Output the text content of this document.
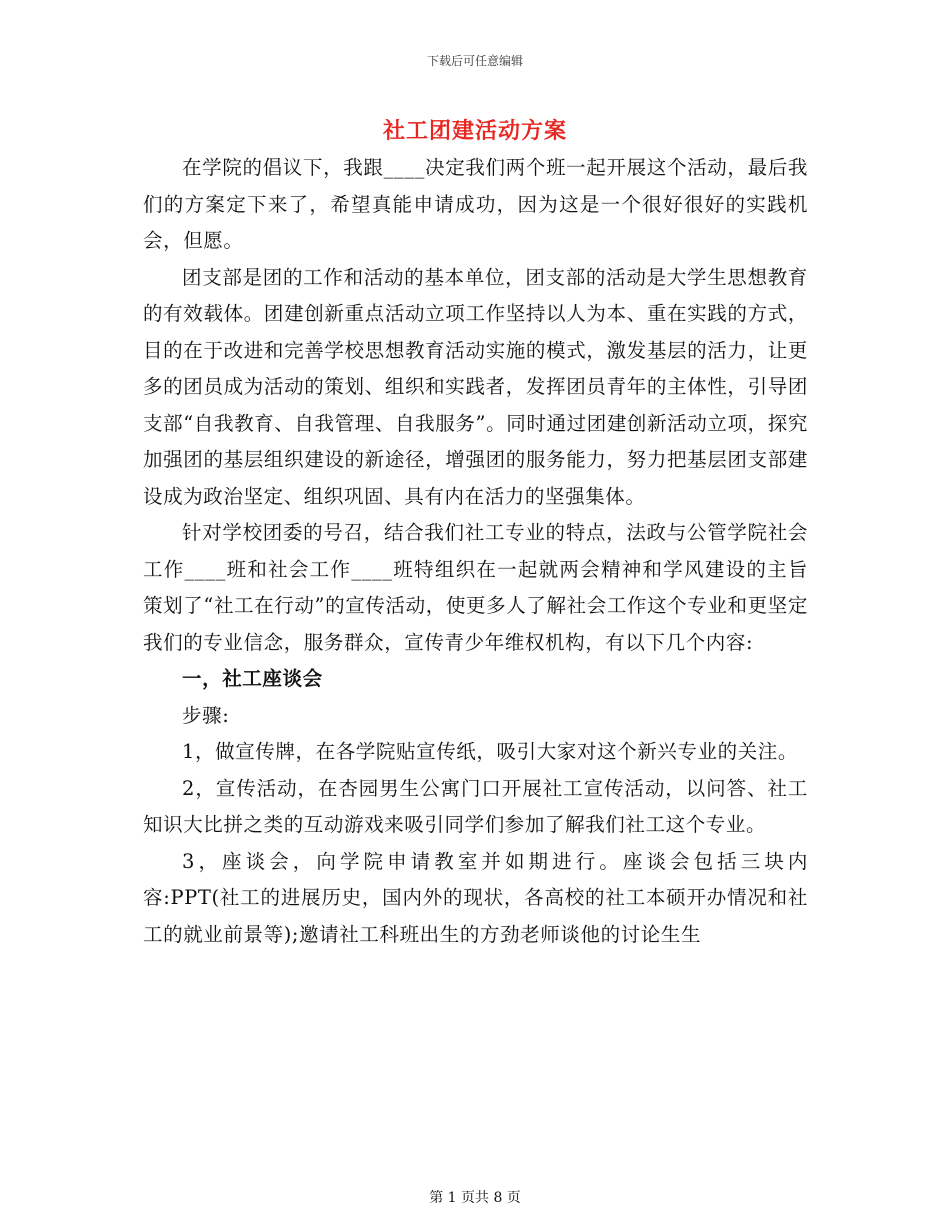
下载后可任意编辑
社工团建活动方案

在学院的倡议下，我跟____决定我们两个班一起开展这个活动，最后我们的方案定下来了，希望真能申请成功，因为这是一个很好很好的实践机会，但愿。

团支部是团的工作和活动的基本单位，团支部的活动是大学生思想教育的有效载体。团建创新重点活动立项工作坚持以人为本、重在实践的方式，目的在于改进和完善学校思想教育活动实施的模式，激发基层的活力，让更多的团员成为活动的策划、组织和实践者，发挥团员青年的主体性，引导团支部“自我教育、自我管理、自我服务”。同时通过团建创新活动立项，探究加强团的基层组织建设的新途径，增强团的服务能力，努力把基层团支部建设成为政治坚定、组织巩固、具有内在活力的坚强集体。

针对学校团委的号召，结合我们社工专业的特点，法政与公管学院社会工作____班和社会工作____班特组织在一起就两会精神和学风建设的主旨策划了“社工在行动”的宣传活动，使更多人了解社会工作这个专业和更坚定我们的专业信念，服务群众，宣传青少年维权机构，有以下几个内容:

一，社工座谈会

步骤:

1，做宣传牌，在各学院贴宣传纸，吸引大家对这个新兴专业的关注。

2，宣传活动，在杏园男生公寓门口开展社工宣传活动，以问答、社工知识大比拼之类的互动游戏来吸引同学们参加了解我们社工这个专业。

3，座谈会，向学院申请教室并如期进行。座谈会包括三块内容:PPT(社工的进展历史，国内外的现状，各高校的社工本硕开办情况和社工的就业前景等);邀请社工科班出生的方劲老师谈他的讨论生生

第 1 页共 8 页
